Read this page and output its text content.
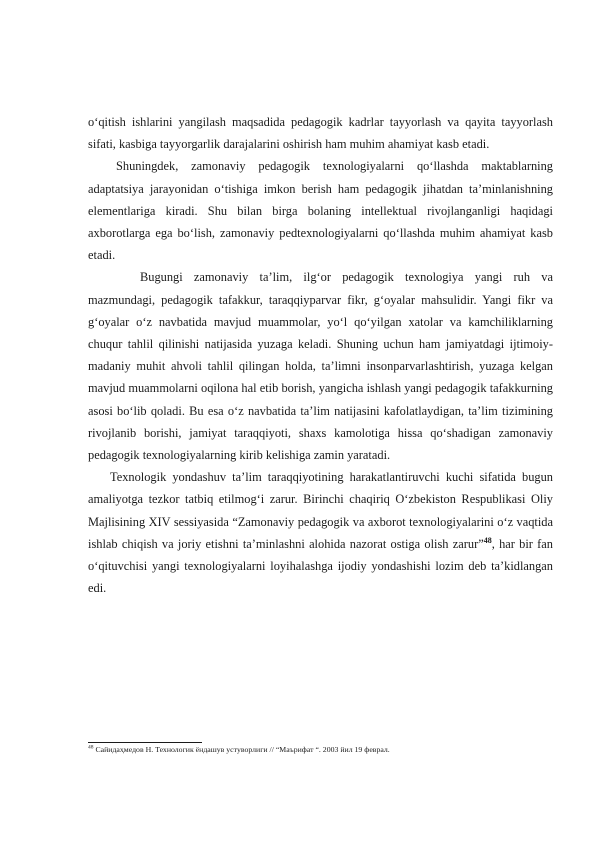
o‘qitish ishlarini yangilash maqsadida pedagogik kadrlar tayyorlash va qayita tayyorlash sifati, kasbiga tayyorgarlik darajalarini oshirish ham muhim ahamiyat kasb etadi.

Shuningdek, zamonaviy pedagogik texnologiyalarni qo‘llashda maktablarning adaptatsiya jarayonidan o‘tishiga imkon berish ham pedagogik jihatdan ta’minlanishning elementlariga kiradi. Shu bilan birga bolaning intellektual rivojlanganligi haqidagi axborotlarga ega bo‘lish, zamonaviy pedtexnologiyalarni qo‘llashda muhim ahamiyat kasb etadi.

Bugungi zamonaviy ta’lim, ilg‘or pedagogik texnologiya yangi ruh va mazmundagi, pedagogik tafakkur, taraqqiyparvar fikr, g‘oyalar mahsulidir. Yangi fikr va g‘oyalar o‘z navbatida mavjud muammolar, yo‘l qo‘yilgan xatolar va kamchiliklarning chuqur tahlil qilinishi natijasida yuzaga keladi. Shuning uchun ham jamiyatdagi ijtimoiy-madaniy muhit ahvoli tahlil qilingan holda, ta’limni insonparvarlashtirish, yuzaga kelgan mavjud muammolarni oqilona hal etib borish, yangicha ishlash yangi pedagogik tafakkurning asosi bo‘lib qoladi. Bu esa o‘z navbatida ta’lim natijasini kafolatlaydigan, ta’lim tizimining rivojlanib borishi, jamiyat taraqqiyoti, shaxs kamolotiga hissa qo‘shadigan zamonaviy pedagogik texnologiyalarning kirib kelishiga zamin yaratadi.

Texnologik yondashuv ta’lim taraqqiyotining harakatlantiruvchi kuchi sifatida bugun amaliyotga tezkor tatbiq etilmog‘i zarur. Birinchi chaqiriq O‘zbekiston Respublikasi Oliy Majlisining XIV sessiyasida “Zamonaviy pedagogik va axborot texnologiyalarini o‘z vaqtida ishlab chiqish va joriy etishni ta’minlashni alohida nazorat ostiga olish zarur”$^{48}$, har bir fan o‘qituvchisi yangi texnologiyalarni loyihalashga ijodiy yondashishi lozim deb ta’kidlangan edi.

$^{48}$ Сайидаҳмедов Н. Технологик ёндашув устуворлиги // “Маърифат “. 2003 йил 19 феврал.
